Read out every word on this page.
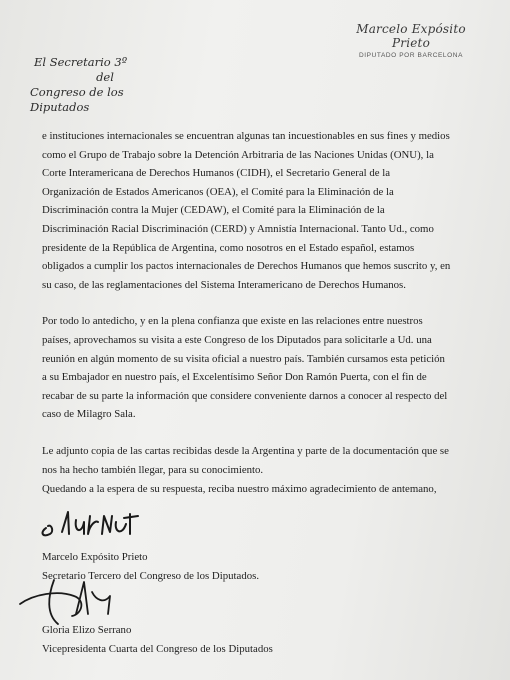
Marcelo Expósito Prieto
DIPUTADO POR BARCELONA
El Secretario 3º
del
Congreso de los Diputados
e instituciones internacionales se encuentran algunas tan incuestionables en sus fines y medios
como el Grupo de Trabajo sobre la Detención Arbitraria de las Naciones Unidas (ONU), la
Corte Interamericana de Derechos Humanos (CIDH), el Secretario General de la
Organización de Estados Americanos (OEA), el Comité para la Eliminación de la
Discriminación contra la Mujer (CEDAW), el Comité para la Eliminación de la
Discriminación Racial Discriminación (CERD) y Amnistía Internacional. Tanto Ud., como
presidente de la República de Argentina, como nosotros en el Estado español, estamos
obligados a cumplir los pactos internacionales de Derechos Humanos que hemos suscrito y, en
su caso, de las reglamentaciones del Sistema Interamericano de Derechos Humanos.
Por todo lo antedicho, y en la plena confianza que existe en las relaciones entre nuestros
países, aprovechamos su visita a este Congreso de los Diputados para solicitarle a Ud. una
reunión en algún momento de su visita oficial a nuestro país. También cursamos esta petición
a su Embajador en nuestro país, el Excelentísimo Señor Don Ramón Puerta, con el fin de
recabar de su parte la información que considere conveniente darnos a conocer al respecto del
caso de Milagro Sala.
Le adjunto copia de las cartas recibidas desde la Argentina y parte de la documentación que se
nos ha hecho también llegar, para su conocimiento.
Quedando a la espera de su respuesta, reciba nuestro máximo agradecimiento de antemano,
Marcelo Expósito Prieto
Secretario Tercero del Congreso de los Diputados.
Gloria Elizo Serrano
Vicepresidenta Cuarta del Congreso de los Diputados
